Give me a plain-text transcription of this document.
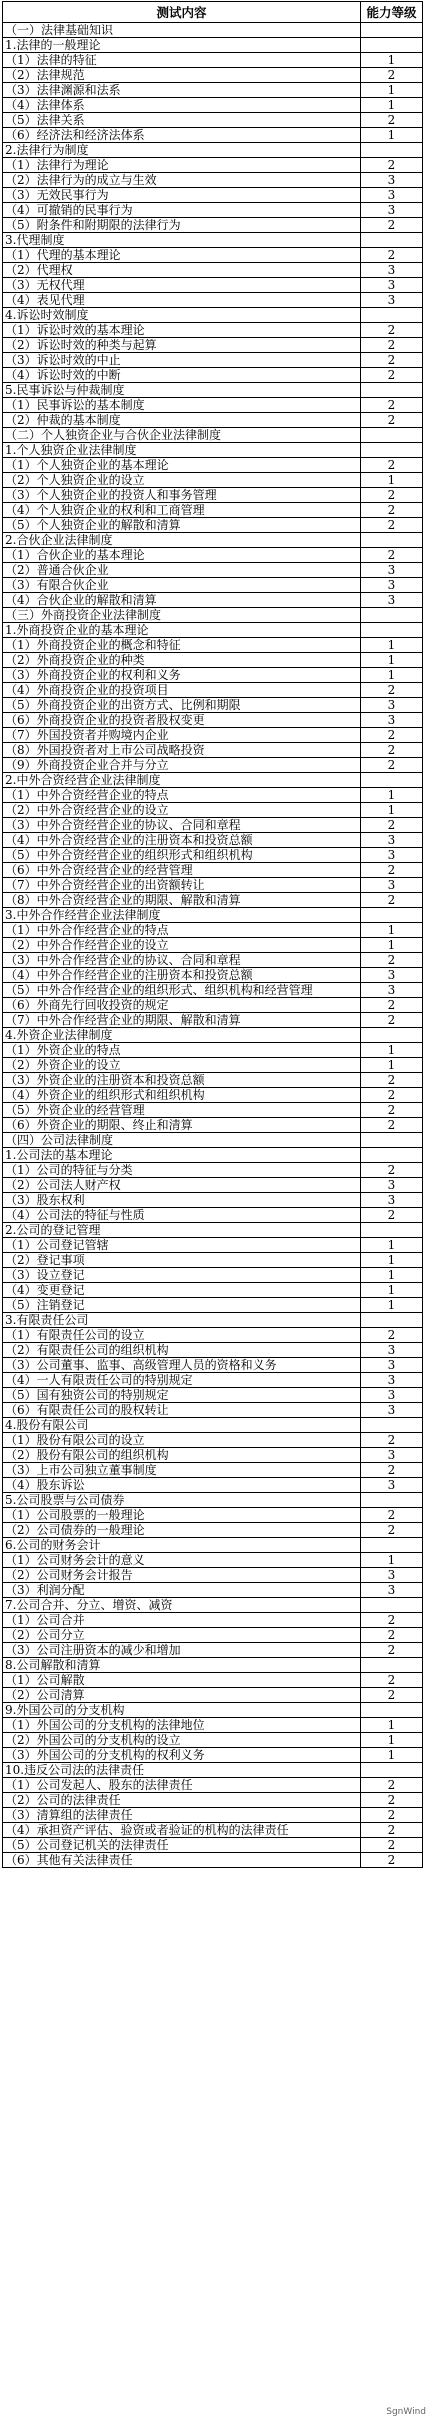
测试内容	能力等级
（一）法律基础知识	
1.法律的一般理论	
（1）法律的特征	1
（2）法律规范	2
（3）法律渊源和法系	1
（4）法律体系	1
（5）法律关系	2
（6）经济法和经济法体系	1
2.法律行为制度	
（1）法律行为理论	2
（2）法律行为的成立与生效	3
（3）无效民事行为	3
（4）可撤销的民事行为	3
（5）附条件和附期限的法律行为	2
3.代理制度	
（1）代理的基本理论	2
（2）代理权	3
（3）无权代理	3
（4）表见代理	3
4.诉讼时效制度	
（1）诉讼时效的基本理论	2
（2）诉讼时效的种类与起算	2
（3）诉讼时效的中止	2
（4）诉讼时效的中断	2
5.民事诉讼与仲裁制度	
（1）民事诉讼的基本制度	2
（2）仲裁的基本制度	2
（二）个人独资企业与合伙企业法律制度	
1.个人独资企业法律制度	
（1）个人独资企业的基本理论	2
（2）个人独资企业的设立	1
（3）个人独资企业的投资人和事务管理	2
（4）个人独资企业的权利和工商管理	2
（5）个人独资企业的解散和清算	2
2.合伙企业法律制度	
（1）合伙企业的基本理论	2
（2）普通合伙企业	3
（3）有限合伙企业	3
（4）合伙企业的解散和清算	3
（三）外商投资企业法律制度	
1.外商投资企业的基本理论	
（1）外商投资企业的概念和特征	1
（2）外商投资企业的种类	1
（3）外商投资企业的权利和义务	1
（4）外商投资企业的投资项目	2
（5）外商投资企业的出资方式、比例和期限	3
（6）外商投资企业的投资者股权变更	3
（7）外国投资者并购境内企业	2
（8）外国投资者对上市公司战略投资	2
（9）外商投资企业合并与分立	2
2.中外合资经营企业法律制度	
（1）中外合资经营企业的特点	1
（2）中外合资经营企业的设立	1
（3）中外合资经营企业的协议、合同和章程	2
（4）中外合资经营企业的注册资本和投资总额	3
（5）中外合资经营企业的组织形式和组织机构	3
（6）中外合资经营企业的经营管理	2
（7）中外合资经营企业的出资额转让	3
（8）中外合资经营企业的期限、解散和清算	2
3.中外合作经营企业法律制度	
（1）中外合作经营企业的特点	1
（2）中外合作经营企业的设立	1
（3）中外合作经营企业的协议、合同和章程	2
（4）中外合作经营企业的注册资本和投资总额	3
（5）中外合作经营企业的组织形式、组织机构和经营管理	3
（6）外商先行回收投资的规定	2
（7）中外合作经营企业的期限、解散和清算	2
4.外资企业法律制度	
（1）外资企业的特点	1
（2）外资企业的设立	1
（3）外资企业的注册资本和投资总额	2
（4）外资企业的组织形式和组织机构	2
（5）外资企业的经营管理	2
（6）外资企业的期限、终止和清算	2
（四）公司法律制度	
1.公司法的基本理论	
（1）公司的特征与分类	2
（2）公司法人财产权	3
（3）股东权利	3
（4）公司法的特征与性质	2
2.公司的登记管理	
（1）公司登记管辖	1
（2）登记事项	1
（3）设立登记	1
（4）变更登记	1
（5）注销登记	1
3.有限责任公司	
（1）有限责任公司的设立	2
（2）有限责任公司的组织机构	3
（3）公司董事、监事、高级管理人员的资格和义务	3
（4）一人有限责任公司的特别规定	3
（5）国有独资公司的特别规定	3
（6）有限责任公司的股权转让	3
4.股份有限公司	
（1）股份有限公司的设立	2
（2）股份有限公司的组织机构	3
（3）上市公司独立董事制度	2
（4）股东诉讼	3
5.公司股票与公司债券	
（1）公司股票的一般理论	2
（2）公司债券的一般理论	2
6.公司的财务会计	
（1）公司财务会计的意义	1
（2）公司财务会计报告	3
（3）利润分配	3
7.公司合并、分立、增资、减资	
（1）公司合并	2
（2）公司分立	2
（3）公司注册资本的减少和增加	2
8.公司解散和清算	
（1）公司解散	2
（2）公司清算	2
9.外国公司的分支机构	
（1）外国公司的分支机构的法律地位	1
（2）外国公司的分支机构的设立	1
（3）外国公司的分支机构的权利义务	1
10.违反公司法的法律责任	
（1）公司发起人、股东的法律责任	2
（2）公司的法律责任	2
（3）清算组的法律责任	2
（4）承担资产评估、验资或者验证的机构的法律责任	2
（5）公司登记机关的法律责任	2
（6）其他有关法律责任	2
SgnWind
